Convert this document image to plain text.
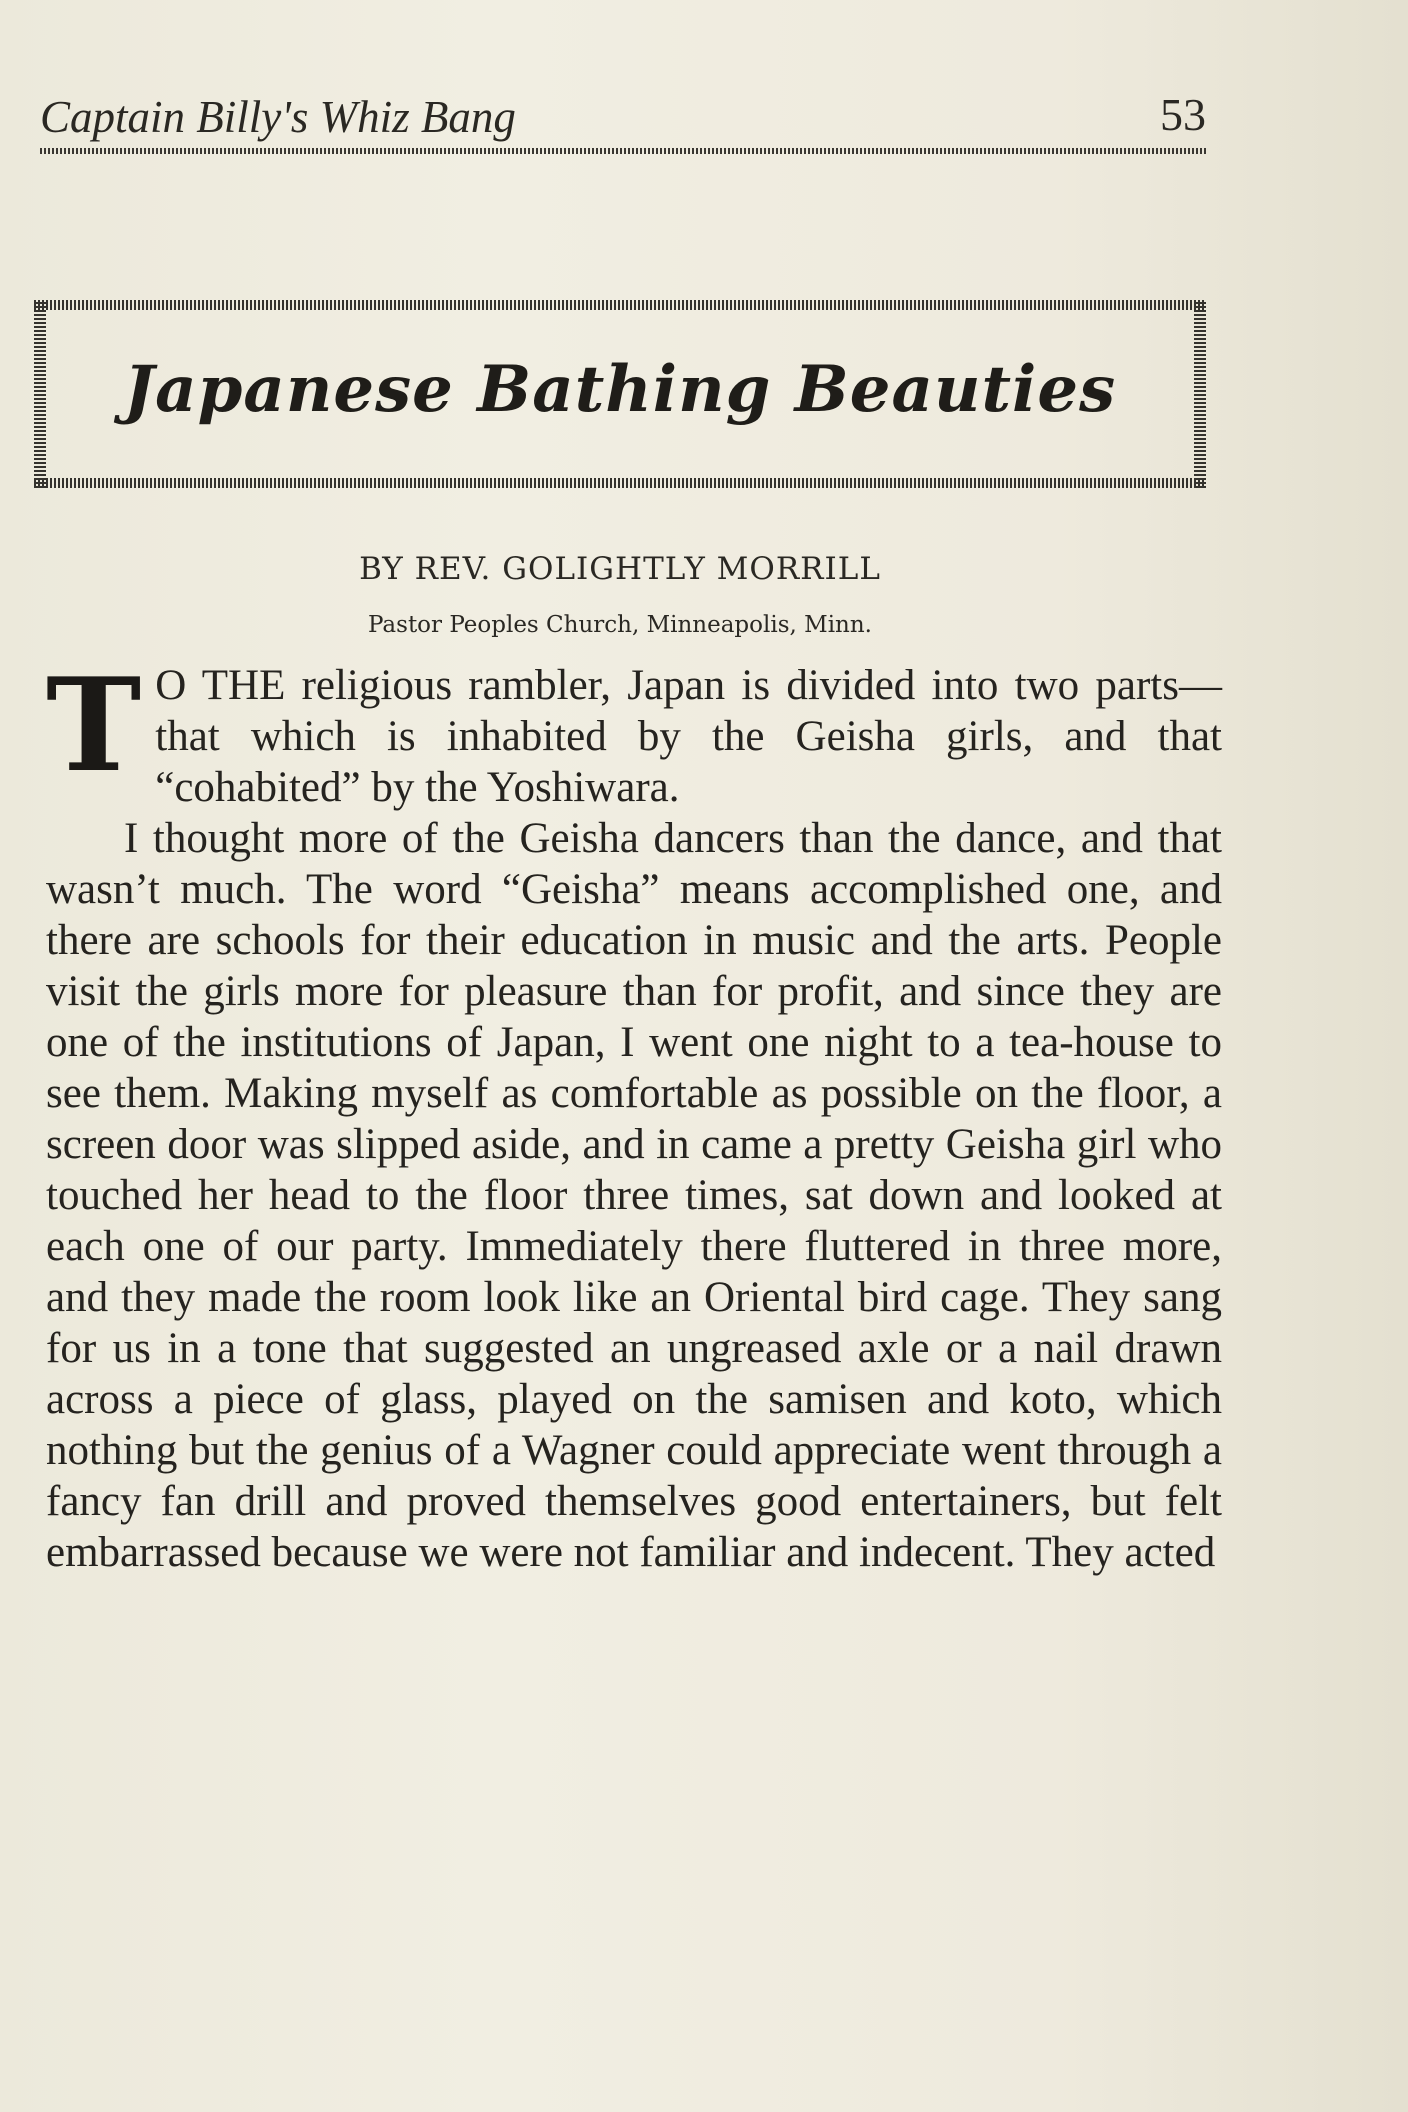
Captain Billy's Whiz Bang	53
Japanese Bathing Beauties
BY REV. GOLIGHTLY MORRILL
Pastor Peoples Church, Minneapolis, Minn.

T O THE religious rambler, Japan is divided into two parts—that which is inhabited by the Geisha girls, and that “cohabited” by the Yoshiwara.

I thought more of the Geisha dancers than the dance, and that wasn’t much. The word “Geisha” means accomplished one, and there are schools for their education in music and the arts. People visit the girls more for pleasure than for profit, and since they are one of the institutions of Japan, I went one night to a tea-house to see them. Making myself as comfortable as possible on the floor, a screen door was slipped aside, and in came a pretty Geisha girl who touched her head to the floor three times, sat down and looked at each one of our party. Immediately there fluttered in three more, and they made the room look like an Oriental bird cage. They sang for us in a tone that suggested an ungreased axle or a nail drawn across a piece of glass, played on the samisen and koto, which nothing but the genius of a Wagner could appreciate went through a fancy fan drill and proved themselves good entertainers, but felt embarrassed because we were not familiar and indecent. They acted
